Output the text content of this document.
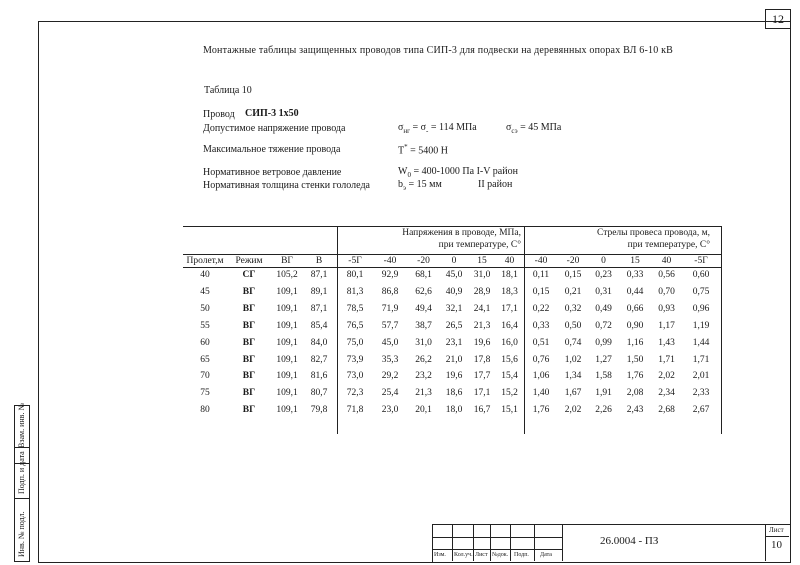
12
Монтажные таблицы защищенных проводов типа СИП-3 для подвески на деревянных опорах ВЛ 6-10 кВ
Таблица 10
Провод СИП-3 1х50
Допустимое напряжение провода	$\sigma_{нг} = \sigma_- = 114$ МПа	$\sigma_{сэ} = 45$ МПа
Максимальное тяжение провода	Т* = 5400 Н
Нормативное ветровое давление	$W_0 = 400-1000$ Па I-V район
Нормативная толщина стенки гололеда	$b_э = 15$ мм	II район
Напряжения в проводе, МПа,
при температуре, С°
Стрелы провеса провода, м,
при температуре, С°
Пролет,м	Режим	ВГ	В	-5Г	-40	-20	0	15	40	-40	-20	0	15	40	-5Г
40	СГ	105,2	87,1	80,1	92,9	68,1	45,0	31,0	18,1	0,11	0,15	0,23	0,33	0,56	0,60
45	ВГ	109,1	89,1	81,3	86,8	62,6	40,9	28,9	18,3	0,15	0,21	0,31	0,44	0,70	0,75
50	ВГ	109,1	87,1	78,5	71,9	49,4	32,1	24,1	17,1	0,22	0,32	0,49	0,66	0,93	0,96
55	ВГ	109,1	85,4	76,5	57,7	38,7	26,5	21,3	16,4	0,33	0,50	0,72	0,90	1,17	1,19
60	ВГ	109,1	84,0	75,0	45,0	31,0	23,1	19,6	16,0	0,51	0,74	0,99	1,16	1,43	1,44
65	ВГ	109,1	82,7	73,9	35,3	26,2	21,0	17,8	15,6	0,76	1,02	1,27	1,50	1,71	1,71
70	ВГ	109,1	81,6	73,0	29,2	23,2	19,6	17,7	15,4	1,06	1,34	1,58	1,76	2,02	2,01
75	ВГ	109,1	80,7	72,3	25,4	21,3	18,6	17,1	15,2	1,40	1,67	1,91	2,08	2,34	2,33
80	ВГ	109,1	79,8	71,8	23,0	20,1	18,0	16,7	15,1	1,76	2,02	2,26	2,43	2,68	2,67
Взам. инв. №
Подп. и дата
Инв. № подл.	Изм. Кол.уч. Лист №док. Подп. Дата
26.0004 - ПЗ
Лист
10
